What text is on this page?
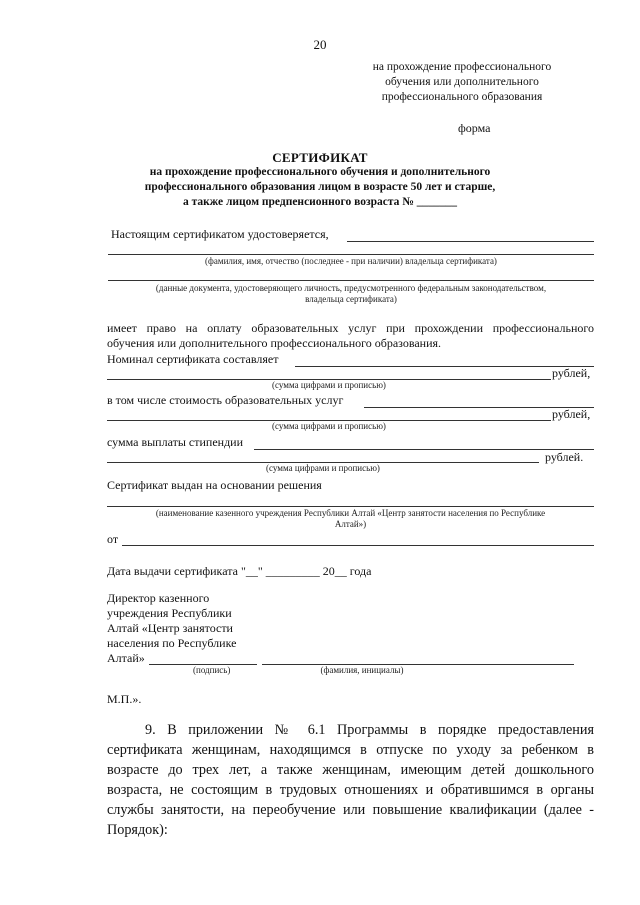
20
на прохождение профессионального
обучения или дополнительного
профессионального образования
форма
СЕРТИФИКАТ
на прохождение профессионального обучения и дополнительного
профессионального образования лицом в возрасте 50 лет и старше,
а также лицом предпенсионного возраста № _______
Настоящим сертификатом удостоверяется,
(фамилия, имя, отчество (последнее - при наличии) владельца сертификата)
(данные документа, удостоверяющего личность, предусмотренного федеральным законодательством,
владельца сертификата)
имеет право на оплату образовательных услуг при прохождении профессионального
обучения или дополнительного профессионального образования.
Номинал сертификата составляет
рублей,
(сумма цифрами и прописью)
в том числе стоимость образовательных услуг
рублей,
(сумма цифрами и прописью)
сумма выплаты стипендии
рублей.
(сумма цифрами и прописью)
Сертификат выдан на основании решения
(наименование казенного учреждения Республики Алтай «Центр занятости населения по Республике
Алтай»)
от
Дата выдачи сертификата "__" _________ 20__ года
Директор казенного
учреждения Республики
Алтай «Центр занятости
населения по Республике
Алтай»
(подпись)	(фамилия, инициалы)
М.П.».
9. В приложении № 6.1 Программы в порядке предоставления
сертификата женщинам, находящимся в отпуске по уходу за ребенком в
возрасте до трех лет, а также женщинам, имеющим детей дошкольного
возраста, не состоящим в трудовых отношениях и обратившимся в органы
службы занятости, на переобучение или повышение квалификации (далее -
Порядок):
